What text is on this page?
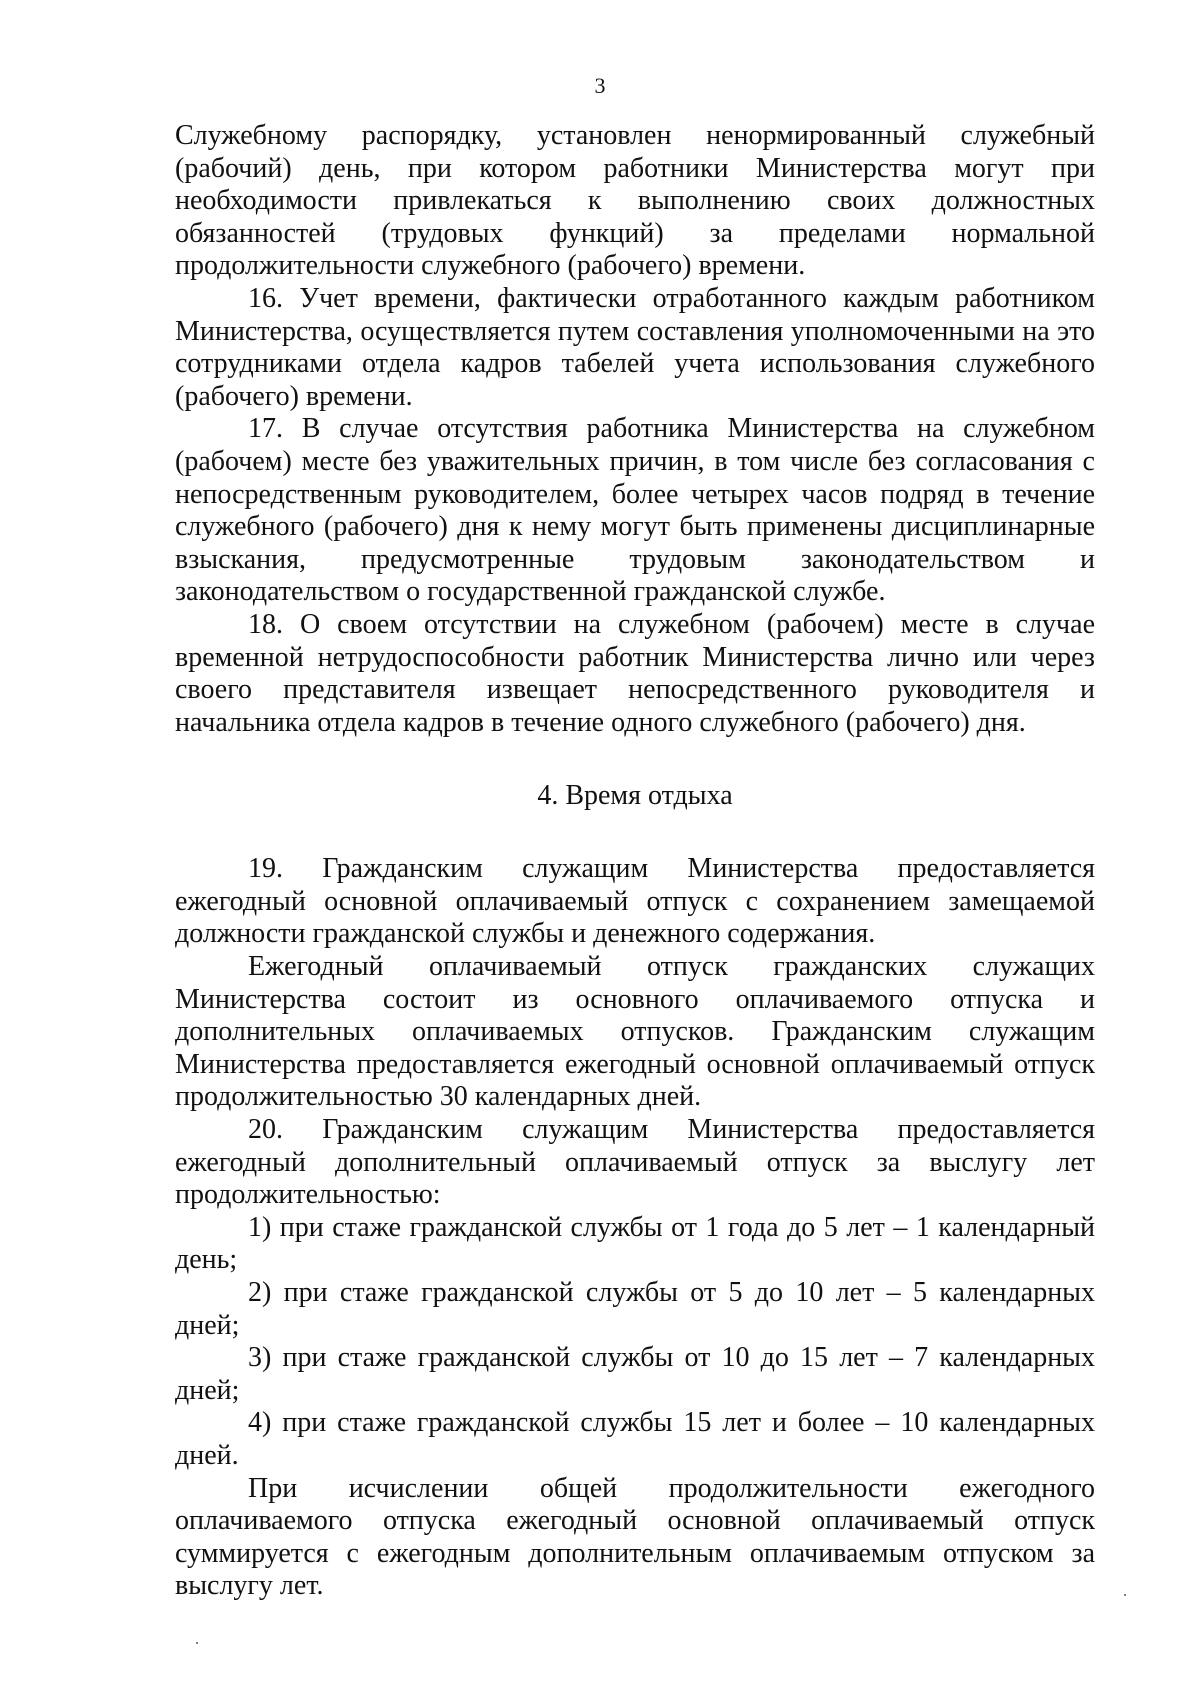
3

Служебному распорядку, установлен ненормированный служебный (рабочий) день, при котором работники Министерства могут при необходимости привлекаться к выполнению своих должностных обязанностей (трудовых функций) за пределами нормальной продолжительности служебного (рабочего) времени.

16. Учет времени, фактически отработанного каждым работником Министерства, осуществляется путем составления уполномоченными на это сотрудниками отдела кадров табелей учета использования служебного (рабочего) времени.

17. В случае отсутствия работника Министерства на служебном (рабочем) месте без уважительных причин, в том числе без согласования с непосредственным руководителем, более четырех часов подряд в течение служебного (рабочего) дня к нему могут быть применены дисциплинарные взыскания, предусмотренные трудовым законодательством и законодательством о государственной гражданской службе.

18. О своем отсутствии на служебном (рабочем) месте в случае временной нетрудоспособности работник Министерства лично или через своего представителя извещает непосредственного руководителя и начальника отдела кадров в течение одного служебного (рабочего) дня.

4. Время отдыха

19. Гражданским служащим Министерства предоставляется ежегодный основной оплачиваемый отпуск с сохранением замещаемой должности гражданской службы и денежного содержания.

Ежегодный оплачиваемый отпуск гражданских служащих Министерства состоит из основного оплачиваемого отпуска и дополнительных оплачиваемых отпусков. Гражданским служащим Министерства предоставляется ежегодный основной оплачиваемый отпуск продолжительностью 30 календарных дней.

20. Гражданским служащим Министерства предоставляется ежегодный дополнительный оплачиваемый отпуск за выслугу лет продолжительностью:

1) при стаже гражданской службы от 1 года до 5 лет – 1 календарный день;

2) при стаже гражданской службы от 5 до 10 лет – 5 календарных дней;

3) при стаже гражданской службы от 10 до 15 лет – 7 календарных дней;

4) при стаже гражданской службы 15 лет и более – 10 календарных дней.

При исчислении общей продолжительности ежегодного оплачиваемого отпуска ежегодный основной оплачиваемый отпуск суммируется с ежегодным дополнительным оплачиваемым отпуском за выслугу лет.
